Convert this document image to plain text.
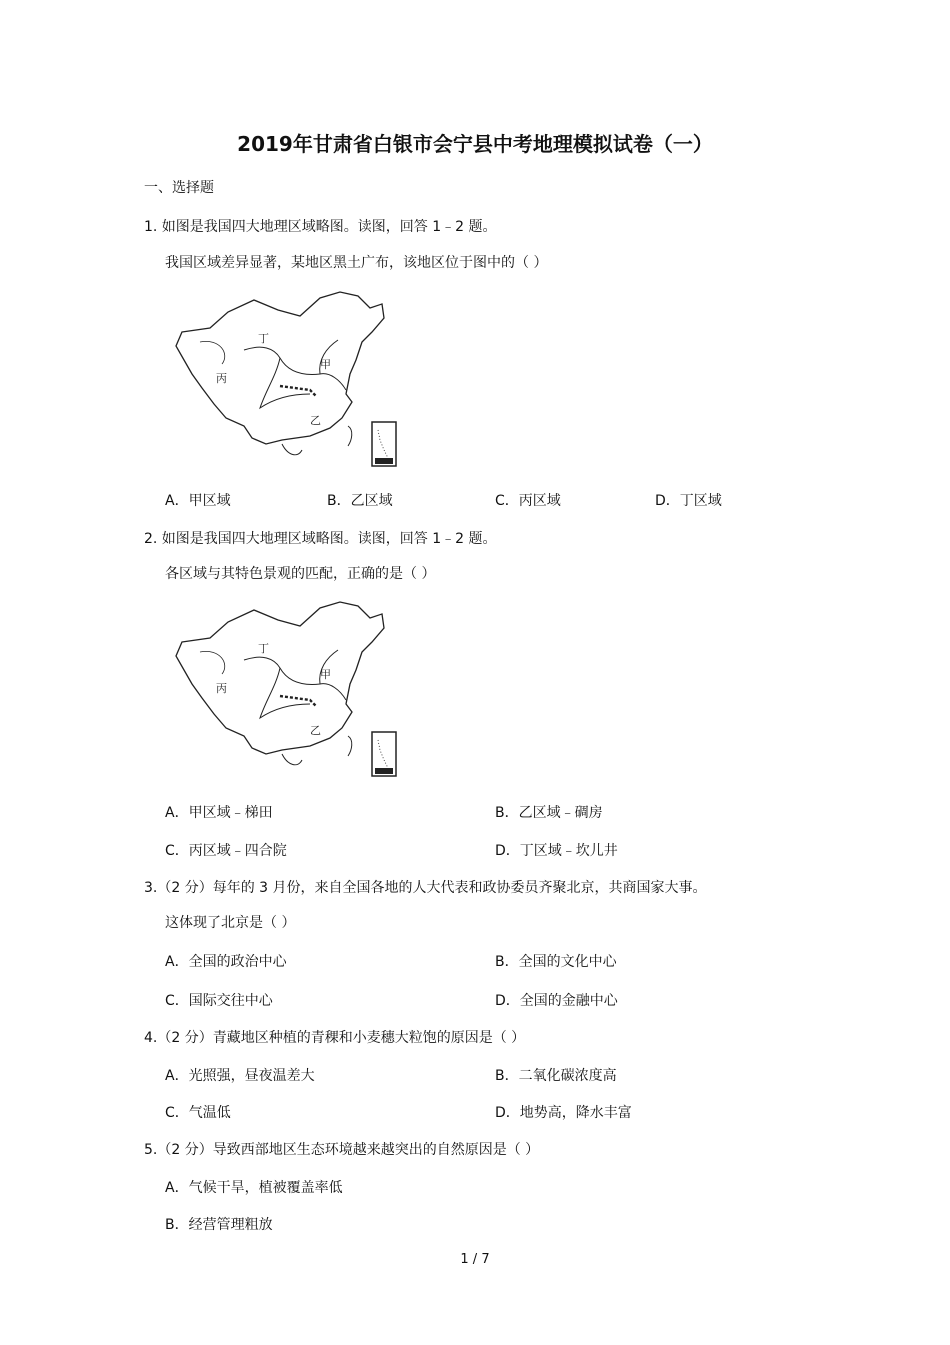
2019年甘肃省白银市会宁县中考地理模拟试卷（一）
一、选择题
1. 如图是我国四大地理区域略图。读图，回答 1﹣2 题。
我国区域差异显著，某地区黑土广布，该地区位于图中的（ ）
丁
甲
丙
乙
A．甲区域	B．乙区域	C．丙区域	D．丁区域
2. 如图是我国四大地理区域略图。读图，回答 1﹣2 题。
各区域与其特色景观的匹配，正确的是（ ）
丁
甲
丙
乙
A．甲区域﹣梯田	B．乙区域﹣碉房
C．丙区域﹣四合院	D．丁区域﹣坎儿井
3.（2 分）每年的 3 月份，来自全国各地的人大代表和政协委员齐聚北京，共商国家大事。
这体现了北京是（ ）
A．全国的政治中心	B．全国的文化中心
C．国际交往中心	D．全国的金融中心
4.（2 分）青藏地区种植的青稞和小麦穗大粒饱的原因是（ ）
A．光照强，昼夜温差大	B．二氧化碳浓度高
C．气温低	D．地势高，降水丰富
5.（2 分）导致西部地区生态环境越来越突出的自然原因是（ ）
A．气候干旱，植被覆盖率低
B．经营管理粗放
1 / 7
